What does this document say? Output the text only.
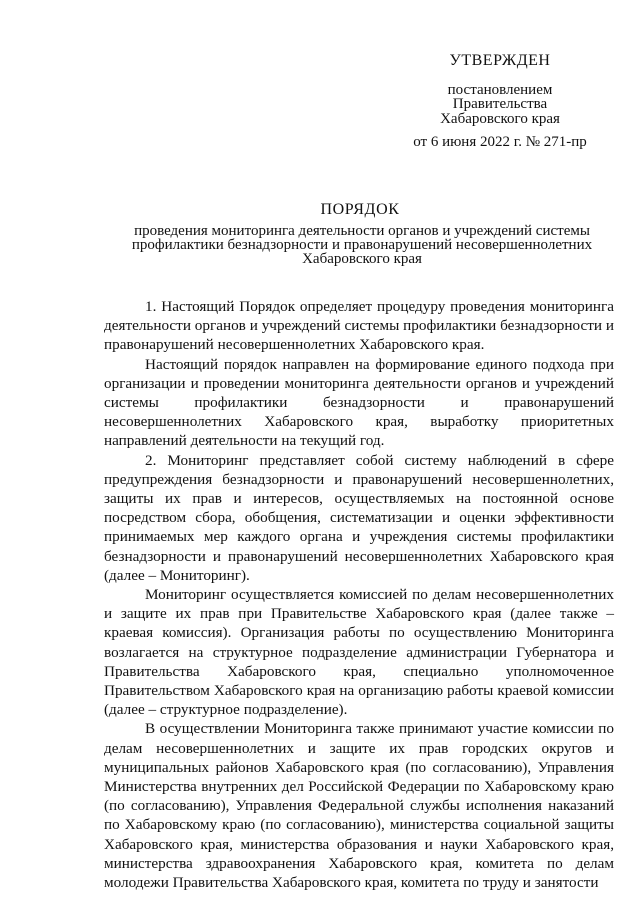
УТВЕРЖДЕН
постановлением
Правительства
Хабаровского края
от 6 июня 2022 г. № 271-пр
ПОРЯДОК
проведения мониторинга деятельности органов и учреждений системы
профилактики безнадзорности и правонарушений несовершеннолетних
Хабаровского края

1. Настоящий Порядок определяет процедуру проведения мониторинга деятельности органов и учреждений системы профилактики безнадзорности и правонарушений несовершеннолетних Хабаровского края.

Настоящий порядок направлен на формирование единого подхода при организации и проведении мониторинга деятельности органов и учреждений системы профилактики безнадзорности и правонарушений несовершеннолетних Хабаровского края, выработку приоритетных направлений деятельности на текущий год.

2. Мониторинг представляет собой систему наблюдений в сфере предупреждения безнадзорности и правонарушений несовершеннолетних, защиты их прав и интересов, осуществляемых на постоянной основе посредством сбора, обобщения, систематизации и оценки эффективности принимаемых мер каждого органа и учреждения системы профилактики безнадзорности и правонарушений несовершеннолетних Хабаровского края (далее – Мониторинг).

Мониторинг осуществляется комиссией по делам несовершеннолетних и защите их прав при Правительстве Хабаровского края (далее также – краевая комиссия). Организация работы по осуществлению Мониторинга возлагается на структурное подразделение администрации Губернатора и Правительства Хабаровского края, специально уполномоченное Правительством Хабаровского края на организацию работы краевой комиссии (далее – структурное подразделение).

В осуществлении Мониторинга также принимают участие комиссии по делам несовершеннолетних и защите их прав городских округов и муниципальных районов Хабаровского края (по согласованию), Управления Министерства внутренних дел Российской Федерации по Хабаровскому краю (по согласованию), Управления Федеральной службы исполнения наказаний по Хабаровскому краю (по согласованию), министерства социальной защиты Хабаровского края, министерства образования и науки Хабаровского края, министерства здравоохранения Хабаровского края, комитета по делам молодежи Правительства Хабаровского края, комитета по труду и занятости
